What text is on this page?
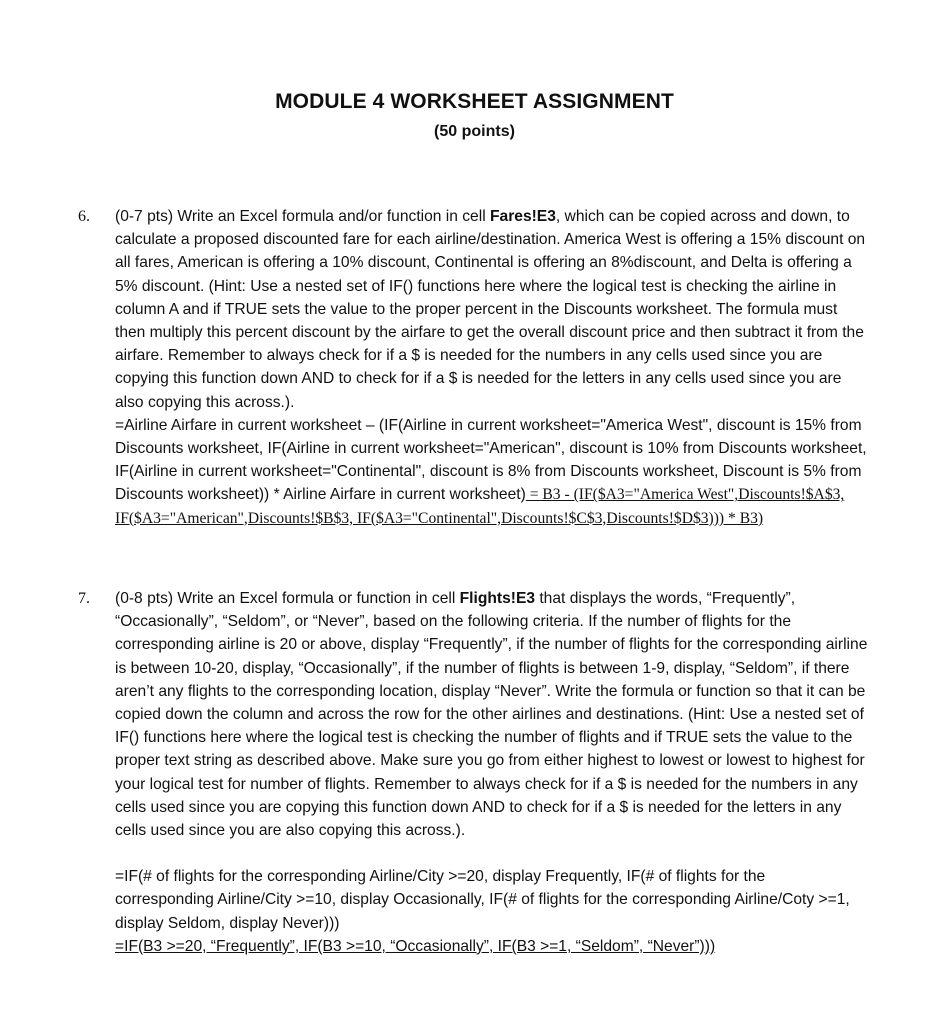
MODULE 4 WORKSHEET ASSIGNMENT
(50 points)
6. (0-7 pts) Write an Excel formula and/or function in cell Fares!E3, which can be copied across and down, to calculate a proposed discounted fare for each airline/destination. America West is offering a 15% discount on all fares, American is offering a 10% discount, Continental is offering an 8%discount, and Delta is offering a 5% discount. (Hint: Use a nested set of IF() functions here where the logical test is checking the airline in column A and if TRUE sets the value to the proper percent in the Discounts worksheet. The formula must then multiply this percent discount by the airfare to get the overall discount price and then subtract it from the airfare. Remember to always check for if a $ is needed for the numbers in any cells used since you are copying this function down AND to check for if a $ is needed for the letters in any cells used since you are also copying this across.).

=Airline Airfare in current worksheet – (IF(Airline in current worksheet="America West", discount is 15% from Discounts worksheet, IF(Airline in current worksheet="American", discount is 10% from Discounts worksheet, IF(Airline in current worksheet="Continental", discount is 8% from Discounts worksheet, Discount is 5% from Discounts worksheet)) * Airline Airfare in current worksheet) = B3 - (IF($A3="America West",Discounts!$A$3, IF($A3="American",Discounts!$B$3, IF($A3="Continental",Discounts!$C$3,Discounts!$D$3))) * B3)

7. (0-8 pts) Write an Excel formula or function in cell Flights!E3 that displays the words, “Frequently”, “Occasionally”, “Seldom”, or “Never”, based on the following criteria. If the number of flights for the corresponding airline is 20 or above, display “Frequently”, if the number of flights for the corresponding airline is between 10-20, display, “Occasionally”, if the number of flights is between 1-9, display, “Seldom”, if there aren’t any flights to the corresponding location, display “Never”. Write the formula or function so that it can be copied down the column and across the row for the other airlines and destinations. (Hint: Use a nested set of IF() functions here where the logical test is checking the number of flights and if TRUE sets the value to the proper text string as described above. Make sure you go from either highest to lowest or lowest to highest for your logical test for number of flights. Remember to always check for if a $ is needed for the numbers in any cells used since you are copying this function down AND to check for if a $ is needed for the letters in any cells used since you are also copying this across.).

=IF(# of flights for the corresponding Airline/City >=20, display Frequently, IF(# of flights for the corresponding Airline/City >=10, display Occasionally, IF(# of flights for the corresponding Airline/Coty >=1, display Seldom, display Never)))

=IF(B3 >=20, “Frequently”, IF(B3 >=10, “Occasionally”, IF(B3 >=1, “Seldom”, “Never”)))
